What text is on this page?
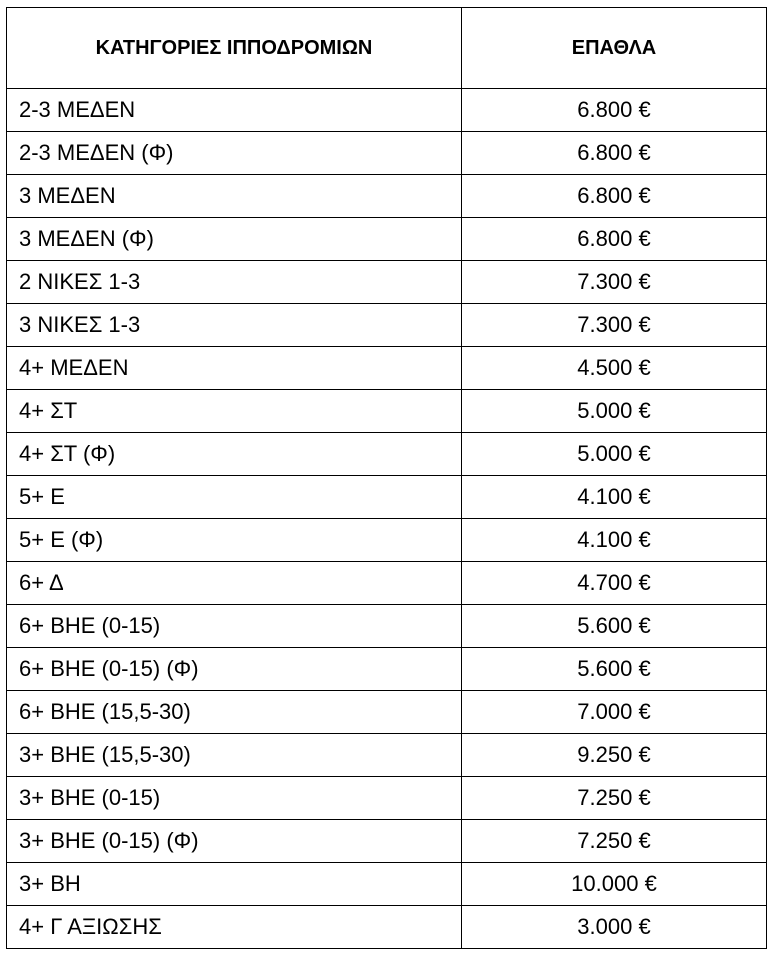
ΚΑΤΗΓΟΡΙΕΣ ΙΠΠΟΔΡΟΜΙΩΝ	ΕΠΑΘΛΑ
2-3 ΜΕΔΕΝ	6.800 €
2-3 ΜΕΔΕΝ (Φ)	6.800 €
3 ΜΕΔΕΝ	6.800 €
3 ΜΕΔΕΝ (Φ)	6.800 €
2 ΝΙΚΕΣ 1-3	7.300 €
3 ΝΙΚΕΣ 1-3	7.300 €
4+ ΜΕΔΕΝ	4.500 €
4+ ΣΤ	5.000 €
4+ ΣΤ (Φ)	5.000 €
5+ Ε	4.100 €
5+ Ε (Φ)	4.100 €
6+ Δ	4.700 €
6+ ΒΗΕ (0-15)	5.600 €
6+ ΒΗΕ (0-15) (Φ)	5.600 €
6+ ΒΗΕ (15,5-30)	7.000 €
3+ ΒΗΕ (15,5-30)	9.250 €
3+ ΒΗΕ (0-15)	7.250 €
3+ ΒΗΕ (0-15) (Φ)	7.250 €
3+ ΒΗ	10.000 €
4+ Γ ΑΞΙΩΣΗΣ	3.000 €
